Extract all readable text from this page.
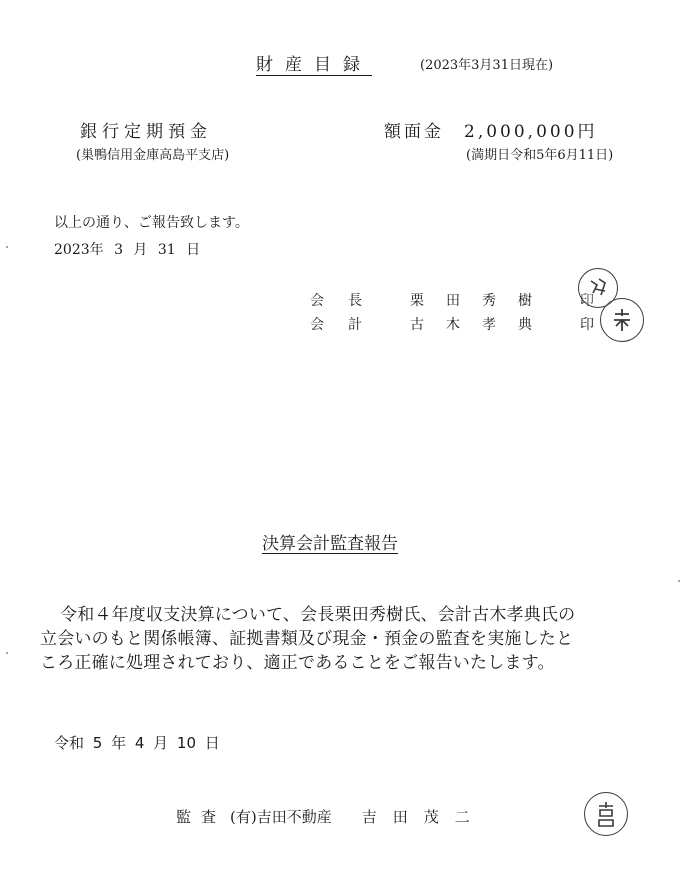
財産目録	(2023年3月31日現在)
銀行定期預金
(巣鴨信用金庫高島平支店)
額面金 2,000,000円
(満期日令和5年6月11日)
以上の通り、ご報告致します。
2023年 3 月 31 日
会長 栗田秀樹 印
会計 古木孝典 印
決算会計監査報告
令和４年度収支決算について、会長栗田秀樹氏、会計古木孝典氏の
立会いのもと関係帳簿、証拠書類及び現金・預金の監査を実施したと
ころ正確に処理されており、適正であることをご報告いたします。
令和 5 年 4 月 10 日
監査 (有)吉田不動産 吉田茂二
